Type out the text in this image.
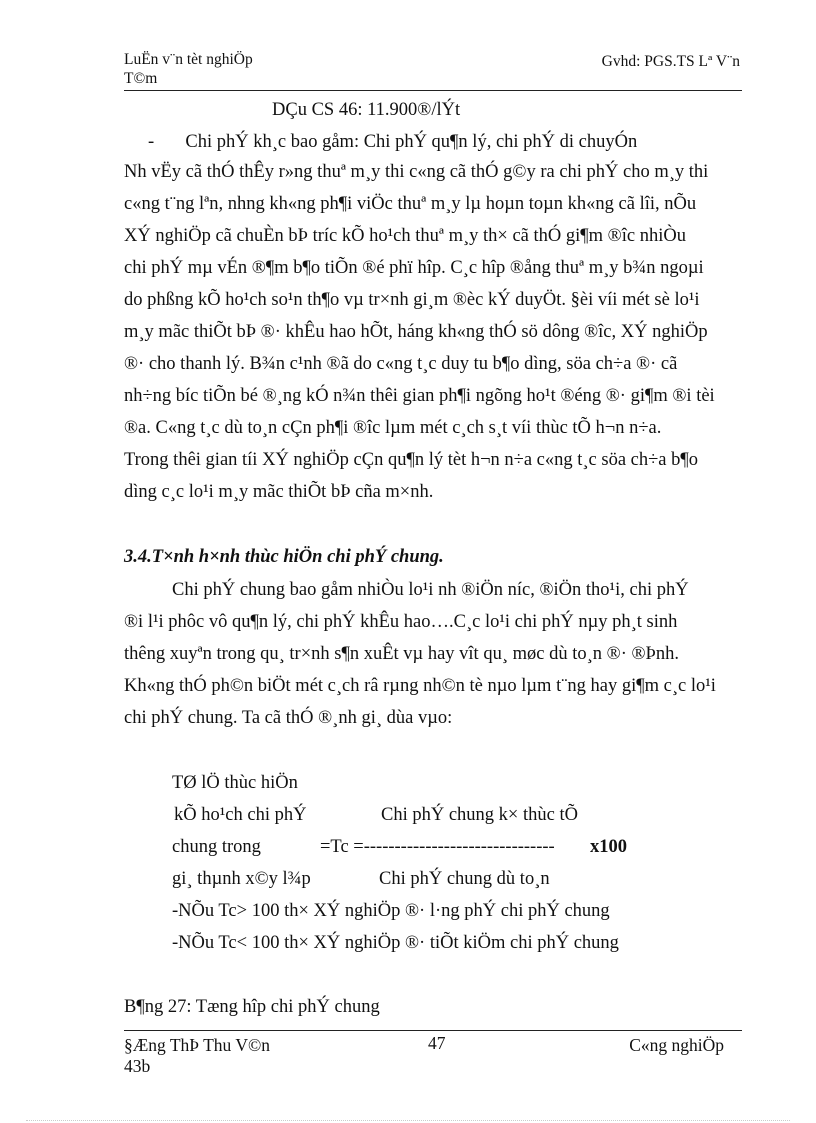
LuËn v¨n tèt nghiÖp
T©m
Gvhd: PGS.TS Lª V¨n
DÇu CS 46: 11.900®/lÝt
- Chi phÝ kh¸c bao gåm: Chi phÝ qu¶n lý, chi phÝ di chuyÓn
Nh vËy cã thÓ thÊy r»ng thuª m¸y thi c«ng cã thÓ g©y ra chi phÝ cho m¸y thi
c«ng t¨ng lªn, nhng kh«ng ph¶i viÖc thuª m¸y lµ hoµn toµn kh«ng cã lîi, nÕu
XÝ nghiÖp cã chuÈn bÞ tríc kÕ ho¹ch thuª m¸y th× cã thÓ gi¶m ®îc nhiÒu
chi phÝ mµ vÉn ®¶m b¶o tiÕn ®é phï hîp. C¸c hîp ®ång thuª m¸y b¾n ngoµi
do phßng kÕ ho¹ch so¹n th¶o vµ tr×nh gi¸m ®èc kÝ duyÖt. §èi víi mét sè lo¹i
m¸y mãc thiÕt bÞ ®· khÊu hao hÕt, háng kh«ng thÓ sö dông ®îc, XÝ nghiÖp
®· cho thanh lý. B¾n c¹nh ®ã do c«ng t¸c duy tu b¶o dìng, söa ch÷a ®· cã
nh÷ng bíc tiÕn bé ®¸ng kÓ n¾n thêi gian ph¶i ngõng ho¹t ®éng ®· gi¶m ®i tèi
®a. C«ng t¸c dù to¸n cÇn ph¶i ®îc lµm mét c¸ch s¸t víi thùc tÕ h¬n n÷a.
Trong thêi gian tíi XÝ nghiÖp cÇn qu¶n lý tèt h¬n n÷a c«ng t¸c söa ch÷a b¶o
dìng c¸c lo¹i m¸y mãc thiÕt bÞ cña m×nh.
3.4.T×nh h×nh thùc hiÖn chi phÝ chung.
Chi phÝ chung bao gåm nhiÒu lo¹i nh ®iÖn níc, ®iÖn tho¹i, chi phÝ
®i l¹i phôc vô qu¶n lý, chi phÝ khÊu hao….C¸c lo¹i chi phÝ nµy ph¸t sinh
thêng xuyªn trong qu¸ tr×nh s¶n xuÊt vµ hay vît qu¸ møc dù to¸n ®· ®Þnh.
Kh«ng thÓ ph©n biÖt mét c¸ch râ rµng nh©n tè nµo lµm t¨ng hay gi¶m c¸c lo¹i
chi phÝ chung. Ta cã thÓ ®¸nh gi¸ dùa vµo:
TØ lÖ thùc hiÖn
kÕ ho¹ch chi phÝ	Chi phÝ chung k× thùc tÕ
chung trong	=Tc =------------------------------- x100
gi¸ thµnh x©y l¾p	Chi phÝ chung dù to¸n
-NÕu Tc> 100 th× XÝ nghiÖp ®· l·ng phÝ chi phÝ chung
-NÕu Tc< 100 th× XÝ nghiÖp ®· tiÕt kiÖm chi phÝ chung
B¶ng 27: Tæng hîp chi phÝ chung
§Æng ThÞ Thu V©n
43b
47	C«ng nghiÖp
